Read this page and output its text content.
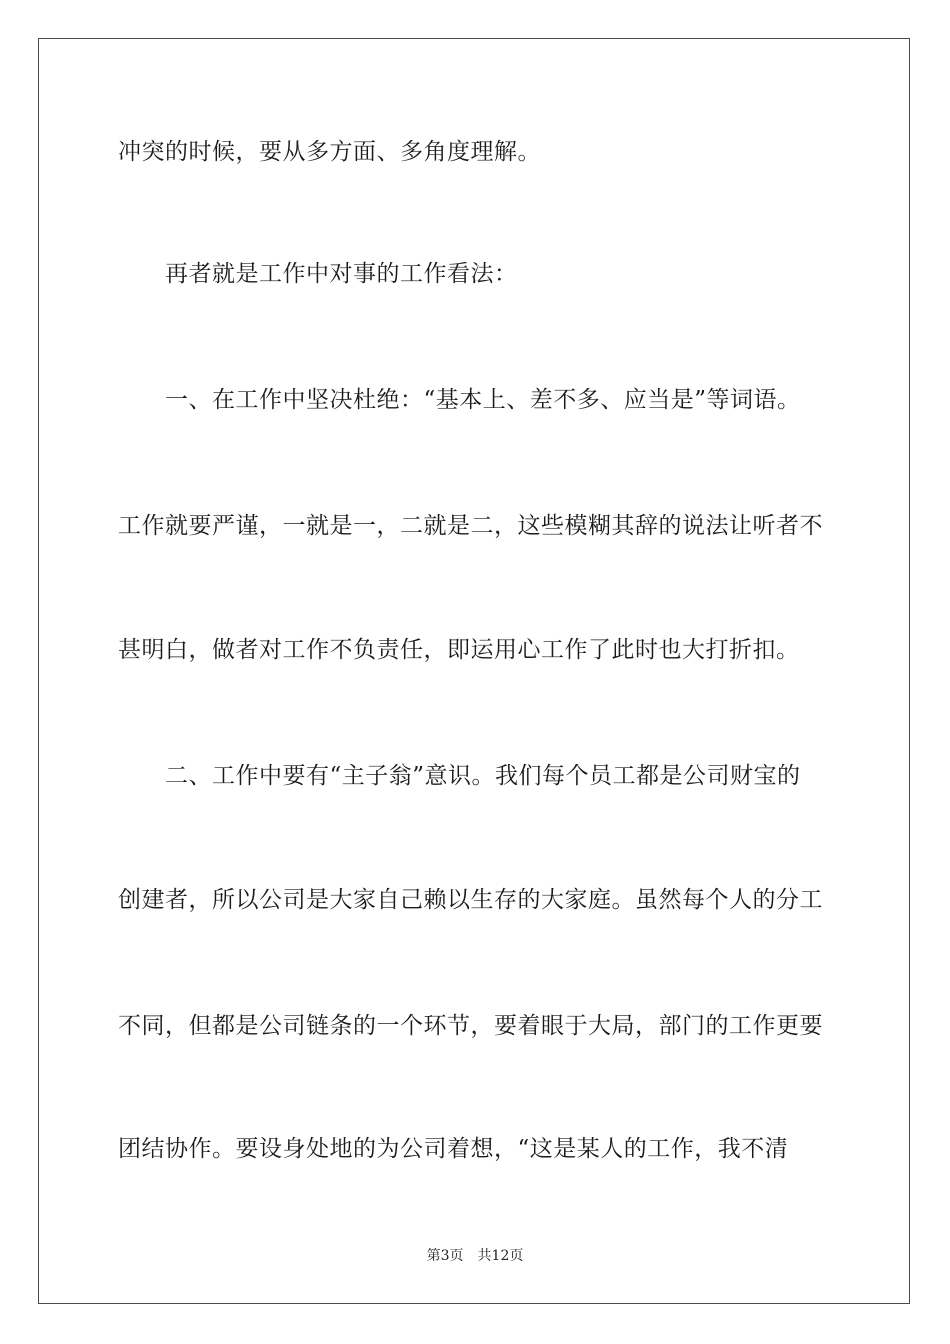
冲突的时候，要从多方面、多角度理解。
再者就是工作中对事的工作看法：
一、在工作中坚决杜绝：“基本上、差不多、应当是”等词语。
工作就要严谨，一就是一，二就是二，这些模糊其辞的说法让听者不
甚明白，做者对工作不负责任，即运用心工作了此时也大打折扣。
二、工作中要有“主子翁”意识。我们每个员工都是公司财宝的
创建者，所以公司是大家自己赖以生存的大家庭。虽然每个人的分工
不同，但都是公司链条的一个环节，要着眼于大局，部门的工作更要
团结协作。要设身处地的为公司着想，“这是某人的工作，我不清
第3页 共12页
